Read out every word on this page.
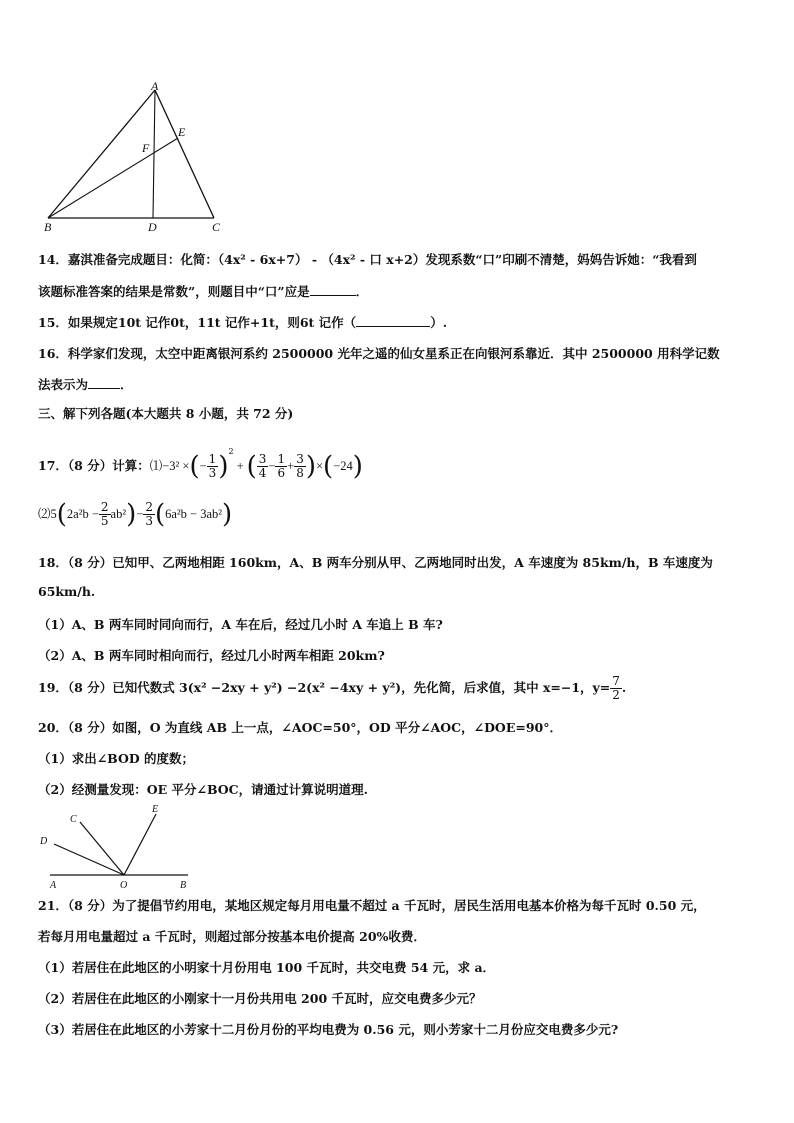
A
B	C
D
E
F
14．嘉淇准备完成题目：化简：（4x² - 6x+7） - （4x² - 口 x+2）发现系数“口”印刷不清楚，妈妈告诉她：“我看到
该题标准答案的结果是常数”，则题目中“口”应是	．
15．如果规定10t 记作0t，11t 记作+1t，则6t 记作（	）.
16．科学家们发现，太空中距离银河系约 2500000 光年之遥的仙女星系正在向银河系靠近．其中 2500000 用科学记数
法表示为	．
三、解下列各题(本大题共 8 小题，共 72 分)
17．（8 分）计算：⑴−3² ×(− $\frac{1}{3} )^2+$ ( $\frac{3}{4} - \frac{1}{6} + \frac{3}{8} )\times(-24)$
⑵5(2a²b − $\frac{2}{5} ab^2)- \frac{2}{3} (6a^2b - 3ab^2)$
18．（8 分）已知甲、乙两地相距 160km，A、B 两车分别从甲、乙两地同时出发，A 车速度为 85km/h，B 车速度为
65km/h.
（1）A、B 两车同时同向而行，A 车在后，经过几小时 A 车追上 B 车?
（2）A、B 两车同时相向而行，经过几小时两车相距 20km?
19．（8 分）已知代数式 3(x² −2xy + y²) −2(x² −4xy + y²)，先化简，后求值，其中 x=−1，$y= \frac{7}{2}$ .
20．（8 分）如图，O 为直线 AB 上一点，∠AOC=50°，OD 平分∠AOC，∠DOE=90°．
（1）求出∠BOD 的度数；
（2）经测量发现：OE 平分∠BOC，请通过计算说明道理.
A	O	B
C
D
E
21．（8 分）为了提倡节约用电，某地区规定每月用电量不超过 a 千瓦时，居民生活用电基本价格为每千瓦时 0.50 元，
若每月用电量超过 a 千瓦时，则超过部分按基本电价提高 20%收费．
（1）若居住在此地区的小明家十月份用电 100 千瓦时，共交电费 54 元，求 a．
（2）若居住在此地区的小刚家十一月份共用电 200 千瓦时，应交电费多少元？
（3）若居住在此地区的小芳家十二月份月份的平均电费为 0.56 元，则小芳家十二月份应交电费多少元?
